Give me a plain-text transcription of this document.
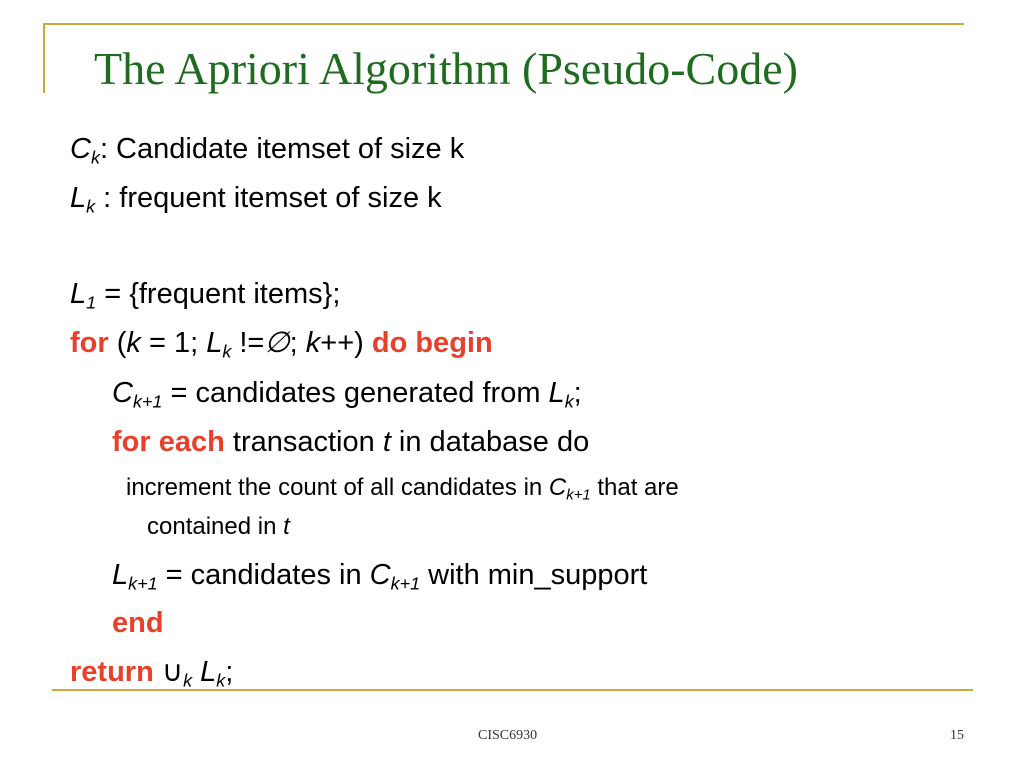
The Apriori Algorithm (Pseudo-Code)
$C_k$: Candidate itemset of size k
$L_k$ : frequent itemset of size k
$L_1$ = {frequent items};
for (k = 1; $L_k$ !=∅; k++) do begin
$C_{k+1}$ = candidates generated from $L_k$;
for each transaction t in database do
increment the count of all candidates in $C_{k+1}$ that are
contained in t
$L_{k+1}$ = candidates in $C_{k+1}$ with min_support
end
return $\cup_k$ $L_k$;
CISC6930	15
